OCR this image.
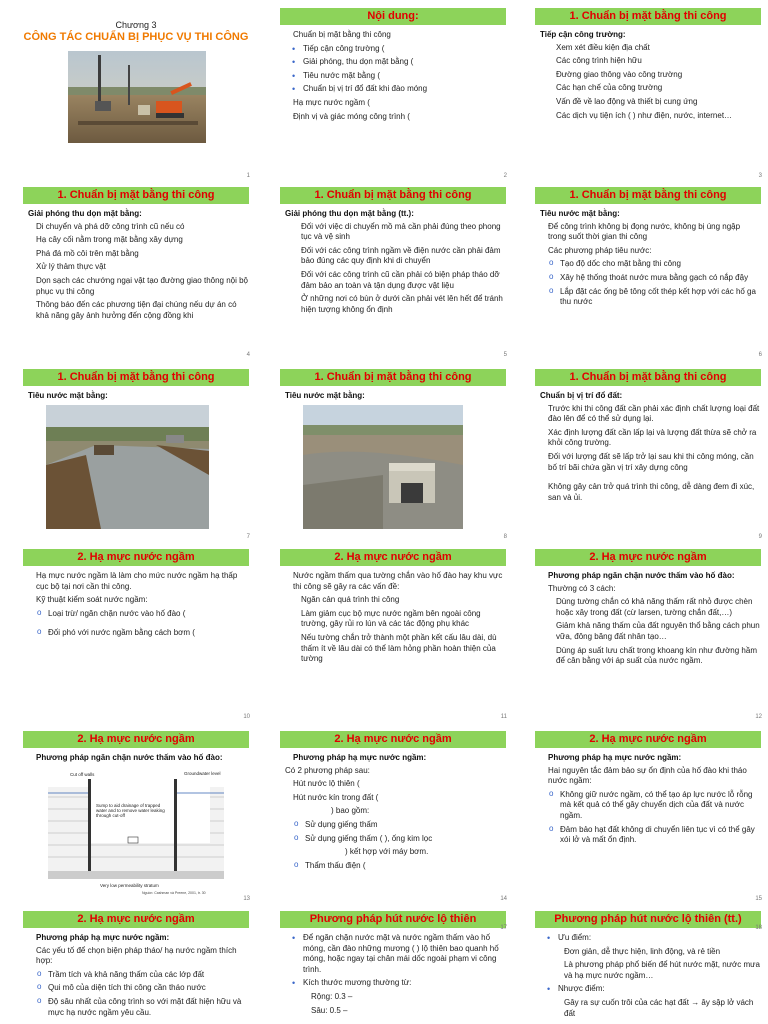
Chương 3
CÔNG TÁC CHUẨN BỊ PHỤC VỤ THI CÔNG
1
Nội dung:
Chuẩn bị mặt bằng thi công
• Tiếp cận công trường (
• Giải phóng, thu dọn mặt bằng (
• Tiêu nước mặt bằng (
• Chuẩn bị vị trí đổ đất khi đào móng
Hạ mực nước ngầm (
Định vị và giác móng công trình (
2
1. Chuẩn bị mặt bằng thi công
Tiếp cận công trường:
Xem xét điều kiện địa chất
Các công trình hiện hữu
Đường giao thông vào công trường
Các hạn chế của công trường
Vấn đề về lao động và thiết bị cung ứng
Các dịch vụ tiện ích ( ) như điện, nước, internet…
3
1. Chuẩn bị mặt bằng thi công
Giải phóng thu dọn mặt bằng:
Di chuyển và phá dỡ công trình cũ nếu có
Hạ cây cối nằm trong mặt bằng xây dựng
Phá đá mồ côi trên mặt bằng
Xử lý thảm thực vật
Dọn sạch các chướng ngại vật tạo đường giao thông nội bộ phục vụ thi công
Thông báo đến các phương tiện đại chúng nếu dự án có khả năng gây ảnh hưởng đến cộng đồng khi
4
1. Chuẩn bị mặt bằng thi công
Giải phóng thu dọn mặt bằng (tt.):
Đối với việc di chuyển mồ mả cần phải đúng theo phong tục và vệ sinh
Đối với các công trình ngầm về điện nước cần phải đảm bảo đúng các quy định khi di chuyển
Đối với các công trình cũ cần phải có biện pháp tháo dỡ đảm bảo an toàn và tận dụng được vật liệu
Ở những nơi có bùn ở dưới cần phải vét lên hết để tránh hiện tượng không ổn định
5
1. Chuẩn bị mặt bằng thi công
Tiêu nước mặt bằng:
Để công trình không bị đọng nước, không bị úng ngập trong suốt thời gian thi công
Các phương pháp tiêu nước:
o Tạo độ dốc cho mặt bằng thi công
o Xây hệ thống thoát nước mưa bằng gạch có nắp đậy
o Lắp đặt các ống bê tông cốt thép kết hợp với các hố ga thu nước
6
1. Chuẩn bị mặt bằng thi công
Tiêu nước mặt bằng:
7
1. Chuẩn bị mặt bằng thi công
Tiêu nước mặt bằng:
8
1. Chuẩn bị mặt bằng thi công
Chuẩn bị vị trí đổ đất:
Trước khi thi công đất cần phải xác định chất lượng loại đất đào lên để có thể sử dụng lại.
Xác định lượng đất cần lấp lại và lượng đất thừa sẽ chở ra khỏi công trường.
Đối với lượng đất sẽ lấp trở lại sau khi thi công móng, cần bố trí bãi chứa gần vị trí xây dựng công
Không gây cản trở quá trình thi công, dễ dàng đem đi xúc, san và ủi.
9
2. Hạ mực nước ngầm
Hạ mực nước ngầm là làm cho mức nước ngầm hạ thấp cục bộ tại nơi cần thi công.
Kỹ thuật kiểm soát nước ngầm:
o Loại trừ/ ngăn chặn nước vào hố đào (
o Đối phó với nước ngầm bằng cách bơm (
10
2. Hạ mực nước ngầm
Nước ngầm thấm qua tường chắn vào hố đào hay khu vực thi công sẽ gây ra các vấn đề:
Ngăn cản quá trình thi công
Làm giảm cục bộ mực nước ngầm bên ngoài công trường, gây rủi ro lún và các tác động phụ khác
Nếu tường chắn trở thành một phần kết cấu lâu dài, dù thấm ít về lâu dài có thể làm hỏng phần hoàn thiện của tường
11
2. Hạ mực nước ngầm
Phương pháp ngăn chặn nước thấm vào hố đào:
Thường có 3 cách:
Dùng tường chắn có khả năng thấm rất nhỏ được chèn hoặc xây trong đất (cừ larsen, tường chắn đất,…)
Giảm khả năng thấm của đất nguyên thổ bằng cách phun vữa, đông băng đất nhân tạo…
Dùng áp suất lưu chất trong khoang kín như đường hầm để cân bằng với áp suất của nước ngầm.
12
2. Hạ mực nước ngầm
Phương pháp ngăn chặn nước thấm vào hố đào:
Cut off walls	Groundwater level
Sump to aid drainage of trapped water and to remove water leaking through cut-off
Very low permeability stratum
Nguồn: Cashman và Preene, 2001, tr. 30
13
2. Hạ mực nước ngầm
Phương pháp hạ mực nước ngầm:
Có 2 phương pháp sau:
Hút nước lộ thiên (
Hút nước kín trong đất (
) bao gồm:
o Sử dụng giếng thấm
o Sử dụng giếng thấm ( ), ống kim lọc
) kết hợp với máy bơm.
o Thẩm thấu điện (
14
2. Hạ mực nước ngầm
Phương pháp hạ mực nước ngầm:
Hai nguyên tắc đảm bảo sự ổn định của hố đào khi tháo nước ngầm:
o Không giữ nước ngầm, có thể tạo áp lực nước lỗ rỗng mà kết quả có thể gây chuyển dịch của đất và nước ngầm.
o Đảm bảo hạt đất không di chuyển liên tục vì có thể gây xói lở và mất ổn định.
15
2. Hạ mực nước ngầm
Phương pháp hạ mực nước ngầm:
Các yếu tố để chọn biện pháp tháo/ hạ nước ngầm thích hợp:
o Trầm tích và khả năng thấm của các lớp đất
o Qui mô của diện tích thi công cần tháo nước
o Độ sâu nhất của công trình so với mặt đất hiện hữu và mực hạ nước ngầm yêu cầu.
Phương pháp hút nước lộ thiên
• Để ngăn chặn nước mặt và nước ngầm thấm vào hố móng, cần đào những mương ( ) lộ thiên bao quanh hố móng, hoặc ngay tại chân mái dốc ngoài phạm vi công trình.
• Kích thước mương thường từ:
Rộng: 0.3 –
Sâu: 0.5 –
17
Phương pháp hút nước lộ thiên (tt.)
• Ưu điểm:
Đơn giản, dễ thực hiện, linh động, và rẻ tiền
Là phương pháp phổ biến để hút nước mặt, nước mưa và hạ mực nước ngầm…
• Nhược điểm:
Gây ra sự cuốn trôi của các hạt đất → ây sập lở vách đất
18
